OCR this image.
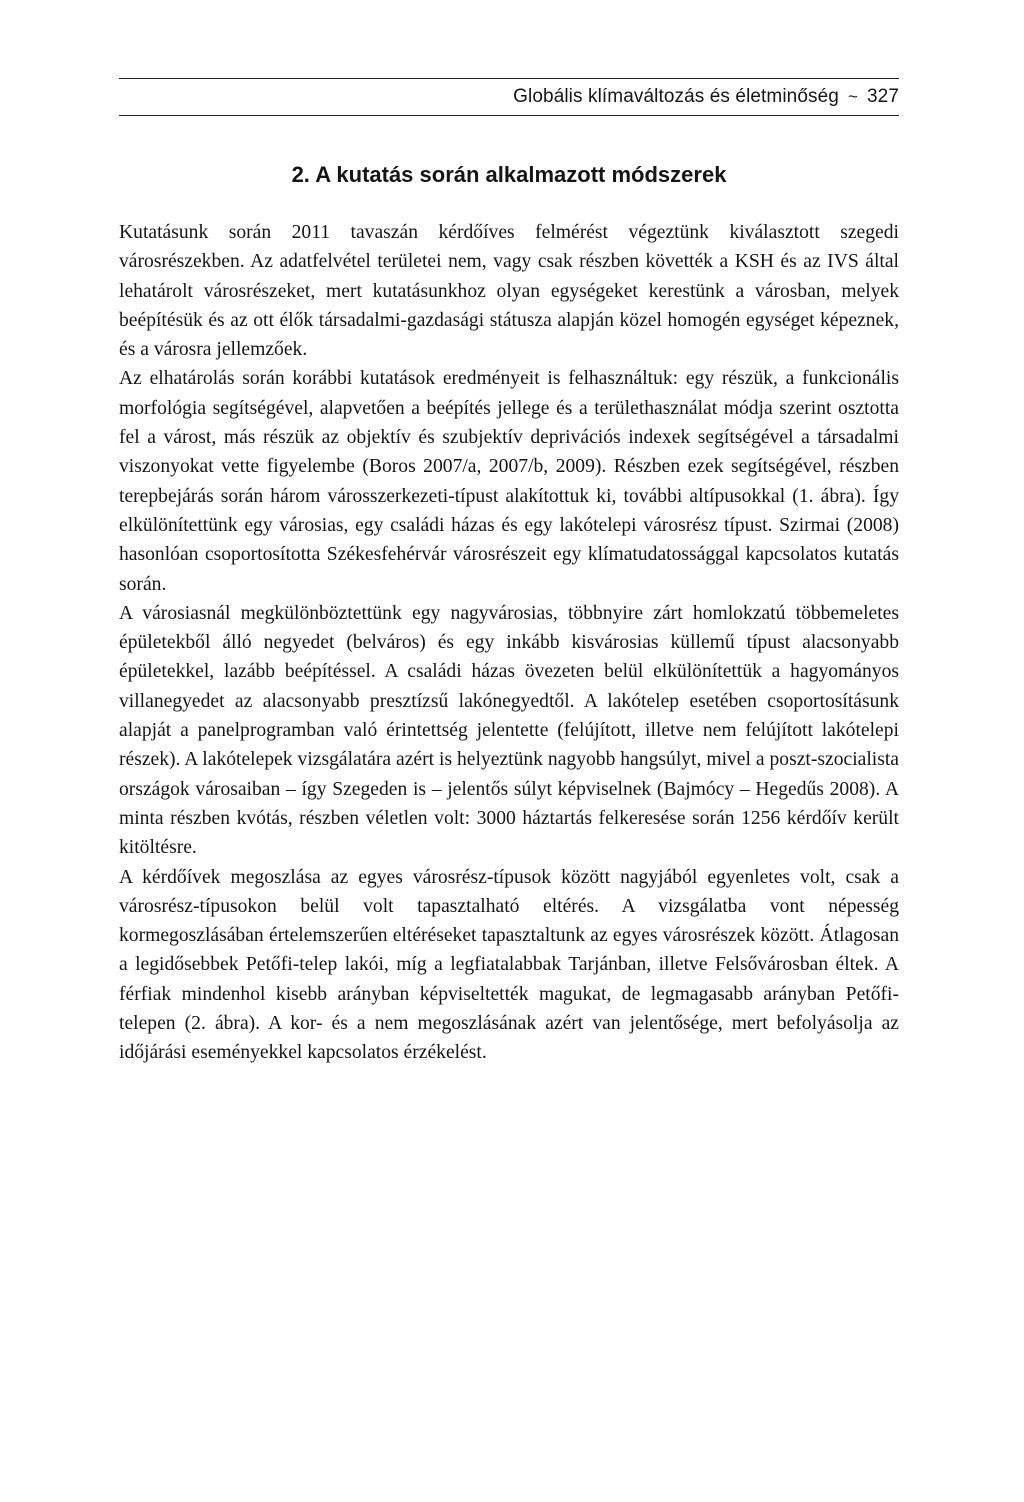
Globális klímaváltozás és életminőség ~ 327
2. A kutatás során alkalmazott módszerek

Kutatásunk során 2011 tavaszán kérdőíves felmérést végeztünk kiválasztott szegedi városrészekben. Az adatfelvétel területei nem, vagy csak részben követték a KSH és az IVS által lehatárolt városrészeket, mert kutatásunkhoz olyan egységeket kerestünk a városban, melyek beépítésük és az ott élők társadalmi-gazdasági státusza alapján közel homogén egységet képeznek, és a városra jellemzőek.

Az elhatárolás során korábbi kutatások eredményeit is felhasználtuk: egy részük, a funkcionális morfológia segítségével, alapvetően a beépítés jellege és a területhasználat módja szerint osztotta fel a várost, más részük az objektív és szubjektív deprivációs indexek segítségével a társadalmi viszonyokat vette figyelembe (Boros 2007/a, 2007/b, 2009). Részben ezek segítségével, részben terepbejárás során három városszerkezeti-típust alakítottuk ki, további altípusokkal (1. ábra). Így elkülönítettünk egy városias, egy családi házas és egy lakótelepi városrész típust. Szirmai (2008) hasonlóan csoportosította Székesfehérvár városrészeit egy klímatudatossággal kapcsolatos kutatás során.

A városiasnál megkülönböztettünk egy nagyvárosias, többnyire zárt homlokzatú többemeletes épületekből álló negyedet (belváros) és egy inkább kisvárosias küllemű típust alacsonyabb épületekkel, lazább beépítéssel. A családi házas övezeten belül elkülönítettük a hagyományos villanegyedet az alacsonyabb presztízsű lakónegyedtől. A lakótelep esetében csoportosításunk alapját a panelprogramban való érintettség jelentette (felújított, illetve nem felújított lakótelepi részek). A lakótelepek vizsgálatára azért is helyeztünk nagyobb hangsúlyt, mivel a poszt-szocialista országok városaiban – így Szegeden is – jelentős súlyt képviselnek (Bajmócy – Hegedűs 2008). A minta részben kvótás, részben véletlen volt: 3000 háztartás felkeresése során 1256 kérdőív került kitöltésre.

A kérdőívek megoszlása az egyes városrész-típusok között nagyjából egyenletes volt, csak a városrész-típusokon belül volt tapasztalható eltérés. A vizsgálatba vont népesség kormegoszlásában értelemszerűen eltéréseket tapasztaltunk az egyes városrészek között. Átlagosan a legidősebbek Petőfi-telep lakói, míg a legfiatalabbak Tarjánban, illetve Felsővárosban éltek. A férfiak mindenhol kisebb arányban képviseltették magukat, de legmagasabb arányban Petőfi-telepen (2. ábra). A kor- és a nem megoszlásának azért van jelentősége, mert befolyásolja az időjárási eseményekkel kapcsolatos érzékelést.
